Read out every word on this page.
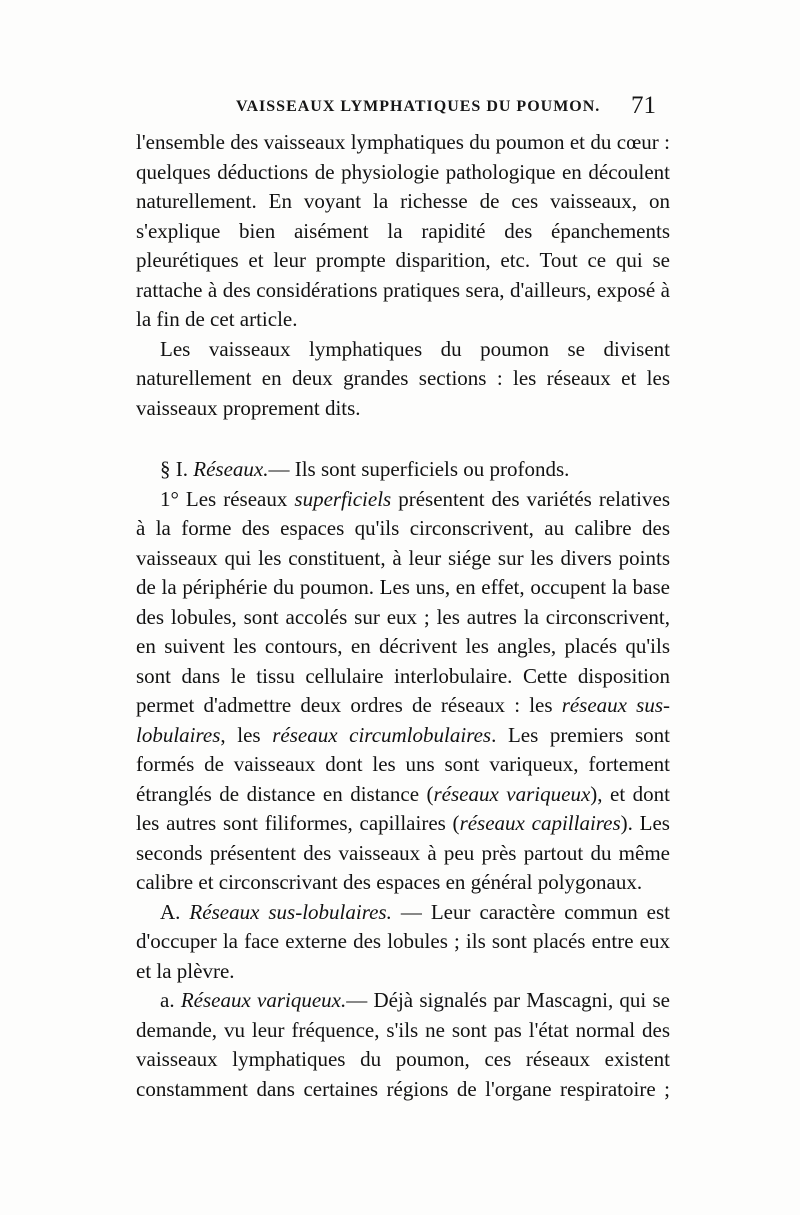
VAISSEAUX LYMPHATIQUES DU POUMON. 71

l'ensemble des vaisseaux lymphatiques du poumon et du cœur : quelques déductions de physiologie pathologique en découlent naturellement. En voyant la richesse de ces vaisseaux, on s'explique bien aisément la rapidité des épanchements pleurétiques et leur prompte disparition, etc. Tout ce qui se rattache à des considérations pratiques sera, d'ailleurs, exposé à la fin de cet article.

Les vaisseaux lymphatiques du poumon se divisent naturellement en deux grandes sections : les réseaux et les vaisseaux proprement dits.

§ I. Réseaux.— Ils sont superficiels ou profonds.

1° Les réseaux superficiels présentent des variétés relatives à la forme des espaces qu'ils circonscrivent, au calibre des vaisseaux qui les constituent, à leur siége sur les divers points de la périphérie du poumon. Les uns, en effet, occupent la base des lobules, sont accolés sur eux ; les autres la circonscrivent, en suivent les contours, en décrivent les angles, placés qu'ils sont dans le tissu cellulaire interlobulaire. Cette disposition permet d'admettre deux ordres de réseaux : les réseaux sus-lobulaires, les réseaux circumlobulaires. Les premiers sont formés de vaisseaux dont les uns sont variqueux, fortement étranglés de distance en distance (réseaux variqueux), et dont les autres sont filiformes, capillaires (réseaux capillaires). Les seconds présentent des vaisseaux à peu près partout du même calibre et circonscrivant des espaces en général polygonaux.

A. Réseaux sus-lobulaires. — Leur caractère commun est d'occuper la face externe des lobules ; ils sont placés entre eux et la plèvre.

a. Réseaux variqueux.— Déjà signalés par Mascagni, qui se demande, vu leur fréquence, s'ils ne sont pas l'état normal des vaisseaux lymphatiques du poumon, ces réseaux existent constamment dans certaines régions de l'organe respiratoire ;
